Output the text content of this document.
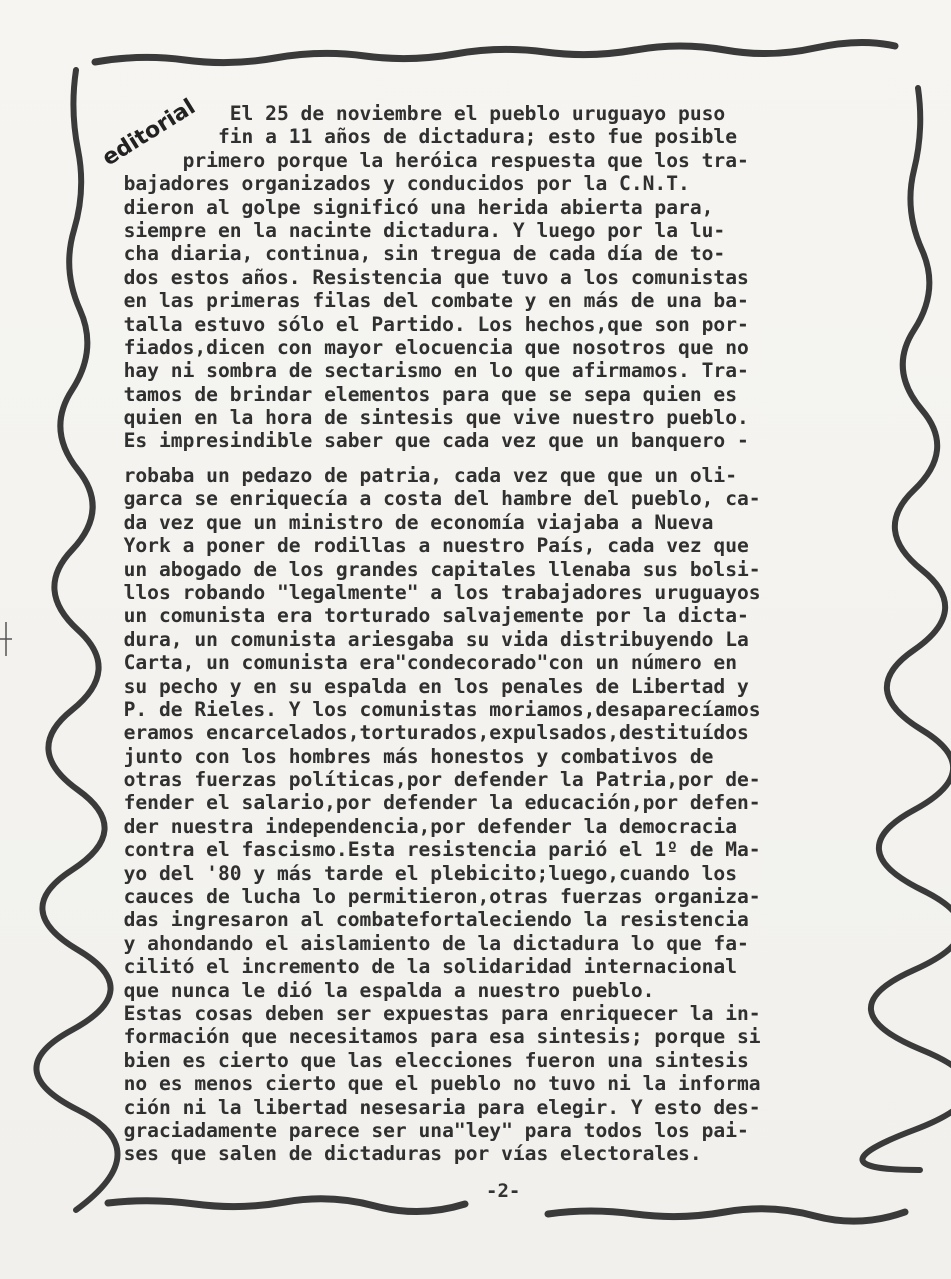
editorial
El 25 de noviembre el pueblo uruguayo puso
fin a 11 años de dictadura; esto fue posible
primero porque la heróica respuesta que los tra-
bajadores organizados y conducidos por la C.N.T.
dieron al golpe significó una herida abierta para,
siempre en la nacinte dictadura. Y luego por la lu-
cha diaria, continua, sin tregua de cada día de to-
dos estos años. Resistencia que tuvo a los comunistas
en las primeras filas del combate y en más de una ba-
talla estuvo sólo el Partido. Los hechos,que son por-
fiados,dicen con mayor elocuencia que nosotros que no
hay ni sombra de sectarismo en lo que afirmamos. Tra-
tamos de brindar elementos para que se sepa quien es
quien en la hora de sintesis que vive nuestro pueblo.
Es impresindible saber que cada vez que un banquero -
robaba un pedazo de patria, cada vez que que un oli-
garca se enriquecía a costa del hambre del pueblo, ca-
da vez que un ministro de economía viajaba a Nueva
York a poner de rodillas a nuestro País, cada vez que
un abogado de los grandes capitales llenaba sus bolsi-
llos robando "legalmente" a los trabajadores uruguayos
un comunista era torturado salvajemente por la dicta-
dura, un comunista ariesgaba su vida distribuyendo La
Carta, un comunista era"condecorado"con un número en
su pecho y en su espalda en los penales de Libertad y
P. de Rieles. Y los comunistas moriamos,desaparecíamos
eramos encarcelados,torturados,expulsados,destituídos
junto con los hombres más honestos y combativos de
otras fuerzas políticas,por defender la Patria,por de-
fender el salario,por defender la educación,por defen-
der nuestra independencia,por defender la democracia
contra el fascismo.Esta resistencia parió el 1º de Ma-
yo del '80 y más tarde el plebicito;luego,cuando los
cauces de lucha lo permitieron,otras fuerzas organiza-
das ingresaron al combatefortaleciendo la resistencia
y ahondando el aislamiento de la dictadura lo que fa-
cilitó el incremento de la solidaridad internacional
que nunca le dió la espalda a nuestro pueblo.
Estas cosas deben ser expuestas para enriquecer la in-
formación que necesitamos para esa sintesis; porque si
bien es cierto que las elecciones fueron una sintesis
no es menos cierto que el pueblo no tuvo ni la informa
ción ni la libertad nesesaria para elegir. Y esto des-
graciadamente parece ser una"ley" para todos los pai-
ses que salen de dictaduras por vías electorales.
-2-
